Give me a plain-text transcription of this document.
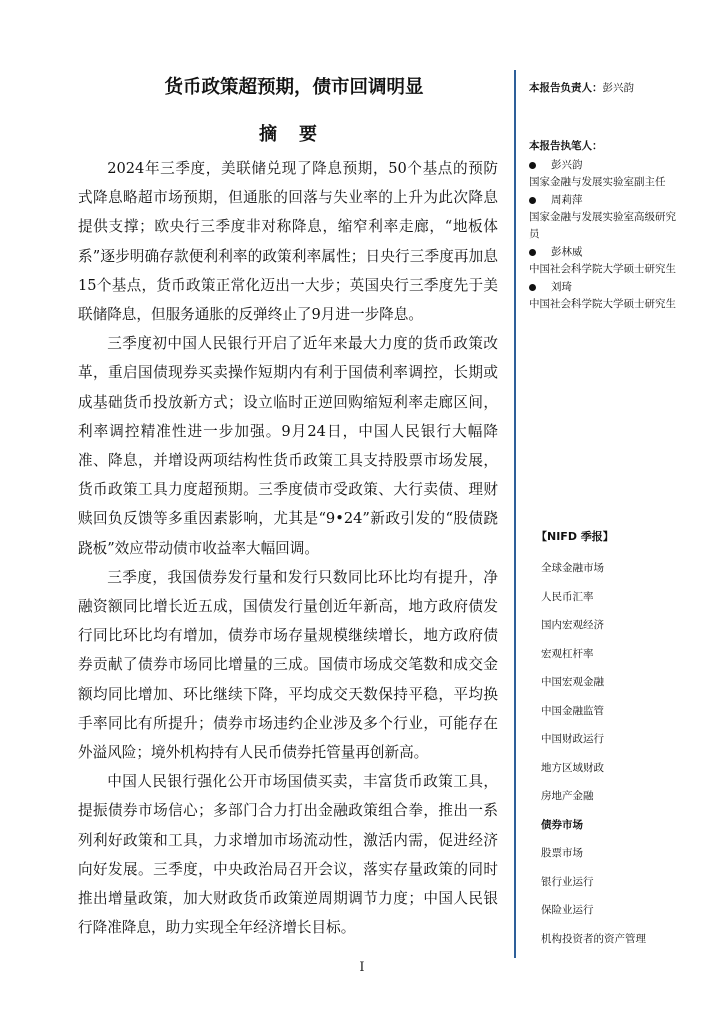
货币政策超预期，债市回调明显
摘要

2024年三季度，美联储兑现了降息预期，50个基点的预防式降息略超市场预期，但通胀的回落与失业率的上升为此次降息提供支撑；欧央行三季度非对称降息，缩窄利率走廊，“地板体系”逐步明确存款便利利率的政策利率属性；日央行三季度再加息15个基点，货币政策正常化迈出一大步；英国央行三季度先于美联储降息，但服务通胀的反弹终止了9月进一步降息。

三季度初中国人民银行开启了近年来最大力度的货币政策改革，重启国债现券买卖操作短期内有利于国债利率调控，长期或成基础货币投放新方式；设立临时正逆回购缩短利率走廊区间，利率调控精准性进一步加强。9月24日，中国人民银行大幅降准、降息，并增设两项结构性货币政策工具支持股票市场发展，货币政策工具力度超预期。三季度债市受政策、大行卖债、理财赎回负反馈等多重因素影响，尤其是“9•24”新政引发的“股债跷跷板”效应带动债市收益率大幅回调。

三季度，我国债券发行量和发行只数同比环比均有提升，净融资额同比增长近五成，国债发行量创近年新高，地方政府债发行同比环比均有增加，债券市场存量规模继续增长，地方政府债券贡献了债券市场同比增量的三成。国债市场成交笔数和成交金额均同比增加、环比继续下降，平均成交天数保持平稳，平均换手率同比有所提升；债券市场违约企业涉及多个行业，可能存在外溢风险；境外机构持有人民币债券托管量再创新高。

中国人民银行强化公开市场国债买卖，丰富货币政策工具，提振债券市场信心；多部门合力打出金融政策组合拳，推出一系列利好政策和工具，力求增加市场流动性，激活内需，促进经济向好发展。三季度，中央政治局召开会议，落实存量政策的同时推出增量政策，加大财政货币政策逆周期调节力度；中国人民银行降准降息，助力实现全年经济增长目标。

I
本报告负责人：彭兴韵
本报告执笔人：
彭兴韵
国家金融与发展实验室副主任
周莉萍
国家金融与发展实验室高级研究员
彭林威
中国社会科学院大学硕士研究生
刘琦
中国社会科学院大学硕士研究生
【NIFD 季报】
全球金融市场
人民币汇率
国内宏观经济
宏观杠杆率
中国宏观金融
中国金融监管
中国财政运行
地方区域财政
房地产金融
债券市场
股票市场
银行业运行
保险业运行
机构投资者的资产管理
